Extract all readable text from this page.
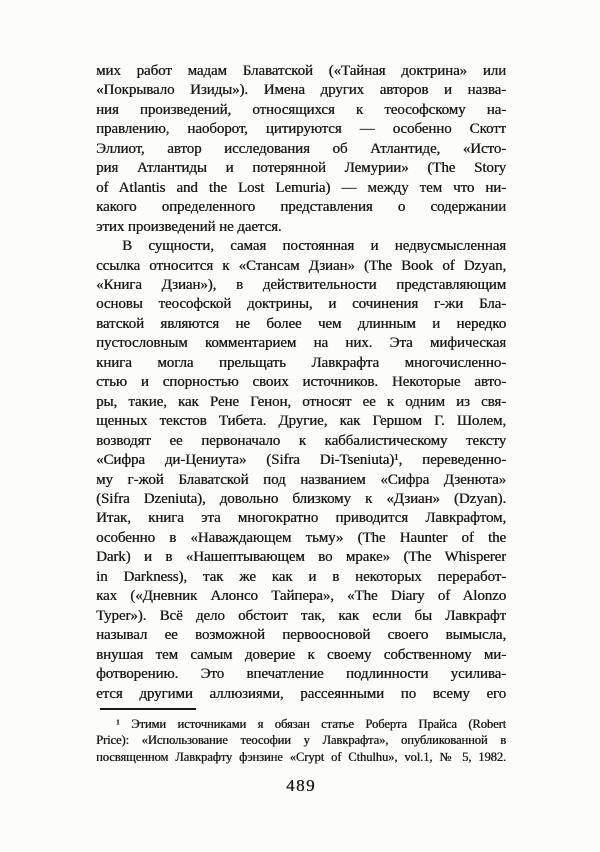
мих работ мадам Блаватской («Тайная доктрина» или
«Покрывало Изиды»). Имена других авторов и назва-
ния произведений, относящихся к теософскому на-
правлению, наоборот, цитируются — особенно Скотт
Эллиот, автор исследования об Атлантиде, «Исто-
рия Атлантиды и потерянной Лемурии» (The Story
of Atlantis and the Lost Lemuria) — между тем что ни-
какого определенного представления о содержании
этих произведений не дается.
В сущности, самая постоянная и недвусмысленная
ссылка относится к «Стансам Дзиан» (The Book of Dzyan,
«Книга Дзиан»), в действительности представляющим
основы теософской доктрины, и сочинения г-жи Бла-
ватской являются не более чем длинным и нередко
пустословным комментарием на них. Эта мифическая
книга могла прельщать Лавкрафта многочисленно-
стью и спорностью своих источников. Некоторые авто-
ры, такие, как Рене Генон, относят ее к одним из свя-
щенных текстов Тибета. Другие, как Гершом Г. Шолем,
возводят ее первоначало к каббалистическому тексту
«Сифра ди-Цениута» (Sifra Di-Tseniuta)¹, переведенно-
му г-жой Блаватской под названием «Сифра Дзенюта»
(Sifra Dzeniuta), довольно близкому к «Дзиан» (Dzyan).
Итак, книга эта многократно приводится Лавкрафтом,
особенно в «Наваждающем тьму» (The Haunter of the
Dark) и в «Нашептывающем во мраке» (The Whisperer
in Darkness), так же как и в некоторых переработ-
ках («Дневник Алонсо Тайпера», «The Diary of Alonzo
Typer»). Всё дело обстоит так, как если бы Лавкрафт
называл ее возможной первоосновой своего вымысла,
внушая тем самым доверие к своему собственному ми-
фотворению. Это впечатление подлинности усилива-
ется другими аллюзиями, рассеянными по всему его
¹ Этими источниками я обязан статье Роберта Прайса (Robert
Price): «Использование теософии у Лавкрафта», опубликованной в
посвященном Лавкрафту фэнзине «Crypt of Cthulhu», vol.1, № 5, 1982.
489
